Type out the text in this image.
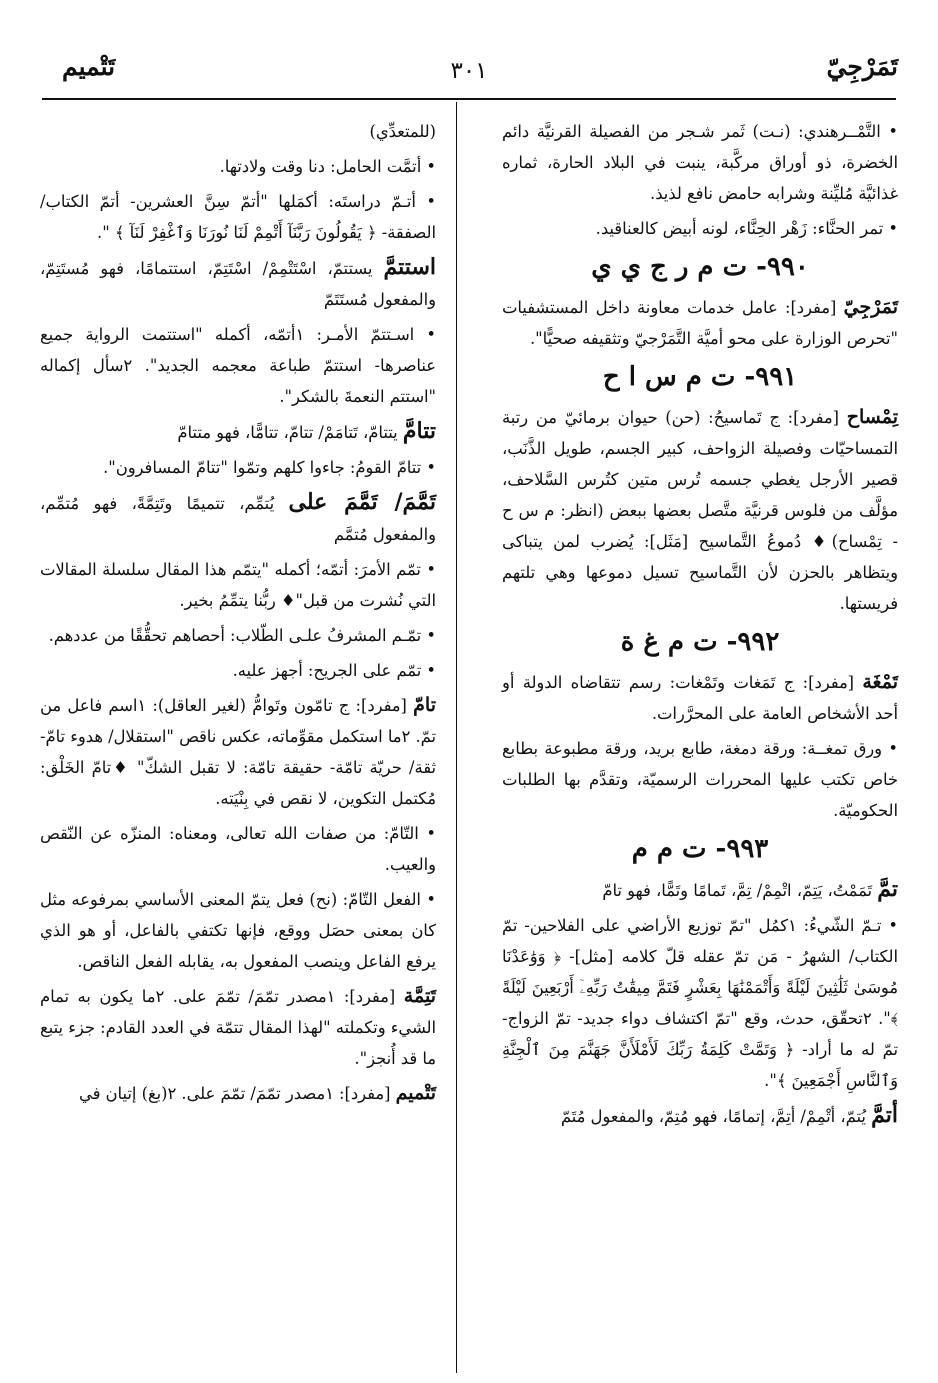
تَمَرْجِيّ
٣٠١
تَتْميم

• التَّمْــرهندي: (نـت) ثَمر شـجر من الفصيلة القرنيَّة دائم الخضرة، ذو أوراق مركَّبة، ينبت في البلاد الحارة، ثماره غذائيَّة مُليِّنة وشرابه حامض نافع لذيذ.

• تمر الحنَّاء: زَهْر الحِنَّاء، لونه أبيض كالعناقيد.

٩٩٠- ت م ر ج ي ي

تَمَرْجِيّ [مفرد]: عامل خدمات معاونة داخل المستشفيات "تحرص الوزارة على محو أميَّة التَّمَرْجيّ وتثقيفه صحيًّا".

٩٩١- ت م س ا ح

تِمْساح [مفرد]: ج تَماسيحُ: (حن) حيوان برمائيّ من رتبة التمساحيّات وفصيلة الزواحف، كبير الجسم، طويل الذَّنَب، قصير الأرجل يغطي جسمه تُرس متين كتُرس السَّلاحف، مؤلَّف من فلوس قرنيَّة متَّصل بعضها ببعض (انظر: م س ح - تِمْساح)♦ دُموعُ التَّماسيح [مَثَل]: يُضرب لمن يتباكى ويتظاهر بالحزن لأن التَّماسيح تسيل دموعها وهي تلتهم فريستها.

٩٩٢- ت م غ ة

تَمْغَة [مفرد]: ج تَمَغات وتَمْغات: رسم تتقاضاه الدولة أو أحد الأشخاص العامة على المحرَّرات.

• ورق تمغــة: ورقة دمغة، طابع بريد، ورقة مطبوعة بطابع خاص تكتب عليها المحررات الرسميّة، وتقدَّم بها الطلبات الحكوميّة.

٩٩٣- ت م م

تمَّ تَمَمْتُ، يَتِمّ، اتْمِمْ/ تِمَّ، تَمامًا وتَمًّا، فهو تامّ

• تـمّ الشّيءُ: ١كمُل "تمّ توزيع الأراضي على الفلاحين- تمّ الكتاب/ الشهرُ - مَن تمّ عقله قلّ كلامه [مثل]- ﴿ وَوَٰعَدْنَا مُوسَىٰ ثَلَٰثِينَ لَيْلَةً وَأَتْمَمْنَٰهَا بِعَشْرٍ فَتَمَّ مِيقَٰتُ رَبِّهِۦٓ أَرْبَعِينَ لَيْلَةً ﴾". ٢تحقّق، حدث، وقع "تمّ اكتشاف دواء جديد- تمّ الزواج- تمّ له ما أراد- ﴿ وَتَمَّتْ كَلِمَةُ رَبِّكَ لَأَمْلَأَنَّ جَهَنَّمَ مِنَ ٱلْجِنَّةِ وَٱلنَّاسِ أَجْمَعِينَ ﴾".

أتمَّ يُتمّ، أتْمِمْ/ أتِمَّ، إتمامًا، فهو مُتِمّ، والمفعول مُتَمّ

(للمتعدِّي)

• أتمَّت الحامل: دنا وقت ولادتها.

• أتـمّ دراستَه: أكمَلها "أتمّ سِنَّ العشرين- أتمّ الكتاب/ الصفقة- ﴿ يَقُولُونَ رَبَّنَآ أَتْمِمْ لَنَا نُورَنَا وَٱغْفِرْ لَنَآ ﴾ ".

استتمَّ يستتمّ، اسْتَتْمِمْ/ اسْتَتِمّ، استتمامًا، فهو مُستَتِمّ، والمفعول مُستَتَمّ

• اسـتتمّ الأمـر: ١أتمّه، أكمله "استتمت الرواية جميع عناصرها- استتمّ طباعة معجمه الجديد". ٢سأل إكماله "استتم النعمةَ بالشكر".

تتامَّ يتتامّ، تَتامَمْ/ تتامّ، تتامًّا، فهو متتامّ

• تتامّ القومُ: جاءوا كلهم وتمّوا "تتامّ المسافرون".

تَمَّمَ/ تَمَّمَ على يُتمِّم، تتميمًا وتَتِمَّةً، فهو مُتمِّم، والمفعول مُتمَّم

• تمّم الأمرَ: أتمّه؛ أكمله "يتمّم هذا المقال سلسلة المقالات التي نُشرت من قبل"♦ ربُّنا يتمِّمُ بخير.

• تمّـم المشرفُ علـى الطّلاب: أحصاهم تحقُّقًا من عددهم.

• تمّم على الجريح: أجهز عليه.

تامّ [مفرد]: ج تامّون وتَوامُّ (لغير العاقل): ١اسم فاعل من تمّ. ٢ما استكمل مقوِّماته، عكس ناقص "استقلال/ هدوء تامّ- ثقة/ حريّة تامّة- حقيقة تامّة: لا تقبل الشكّ" ♦تامّ الخَلْق: مُكتمل التكوين، لا نقص في بِنْيَته.

• التّامّ: من صفات الله تعالى، ومعناه: المنزّه عن النّقص والعيب.

• الفعل التّامّ: (نح) فعل يتمّ المعنى الأساسي بمرفوعه مثل كان بمعنى حصَل ووقع، فإنها تكتفي بالفاعل، أو هو الذي يرفع الفاعل وينصب المفعول به، يقابله الفعل الناقص.

تَتِمَّة [مفرد]: ١مصدر تمّمَ/ تمّمَ على. ٢ما يكون به تمام الشيء وتكملته "لهذا المقال تتمّة في العدد القادم: جزء يتبع ما قد أُنجز".

تَتْميم [مفرد]: ١مصدر تمّمَ/ تمّمَ على. ٢(بغ) إتيان في
